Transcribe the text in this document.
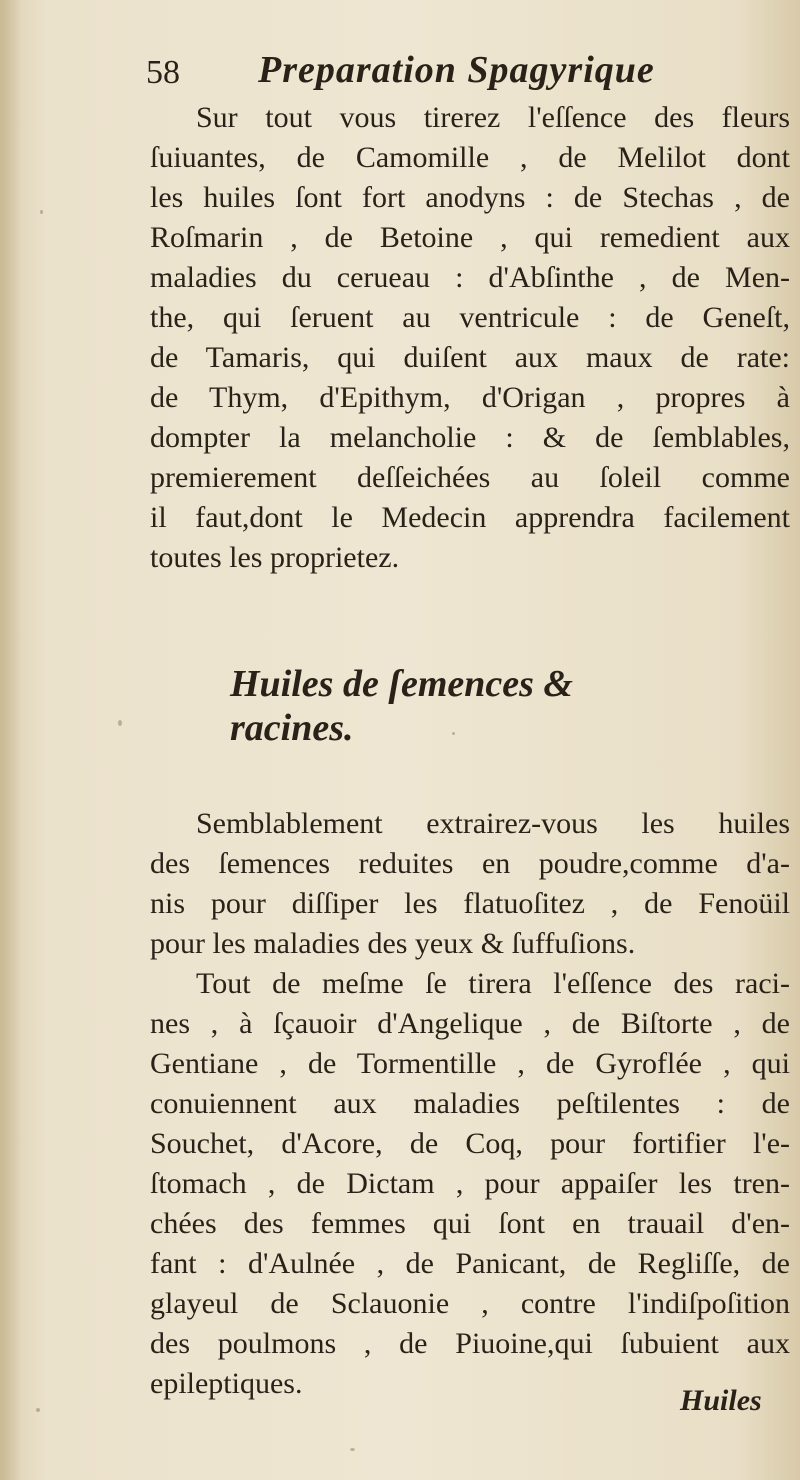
58 Preparation Spagyrique
Sur tout vous tirerez l'eſſence des fleurs
ſuiuantes, de Camomille , de Melilot dont
les huiles ſont fort anodyns : de Stechas , de
Roſmarin , de Betoine , qui remedient aux
maladies du cerueau : d'Abſinthe , de Men-
the, qui ſeruent au ventricule : de Geneſt,
de Tamaris, qui duiſent aux maux de rate:
de Thym, d'Epithym, d'Origan , propres à
dompter la melancholie : & de ſemblables,
premierement deſſeichées au ſoleil comme
il faut,dont le Medecin apprendra facilement
toutes les proprietez.
Huiles de ſemences & racines.
Semblablement extrairez-vous les huiles
des ſemences reduites en poudre,comme d'a-
nis pour diſſiper les flatuoſitez , de Fenoüil
pour les maladies des yeux & ſuffuſions.
Tout de meſme ſe tirera l'eſſence des raci-
nes , à ſçauoir d'Angelique , de Biſtorte , de
Gentiane , de Tormentille , de Gyroflée , qui
conuiennent aux maladies peſtilentes : de
Souchet, d'Acore, de Coq, pour fortifier l'e-
ſtomach , de Dictam , pour appaiſer les tren-
chées des femmes qui ſont en trauail d'en-
fant : d'Aulnée , de Panicant, de Regliſſe, de
glayeul de Sclauonie , contre l'indiſpoſition
des poulmons , de Piuoine,qui ſubuient aux
epileptiques.
Huiles
